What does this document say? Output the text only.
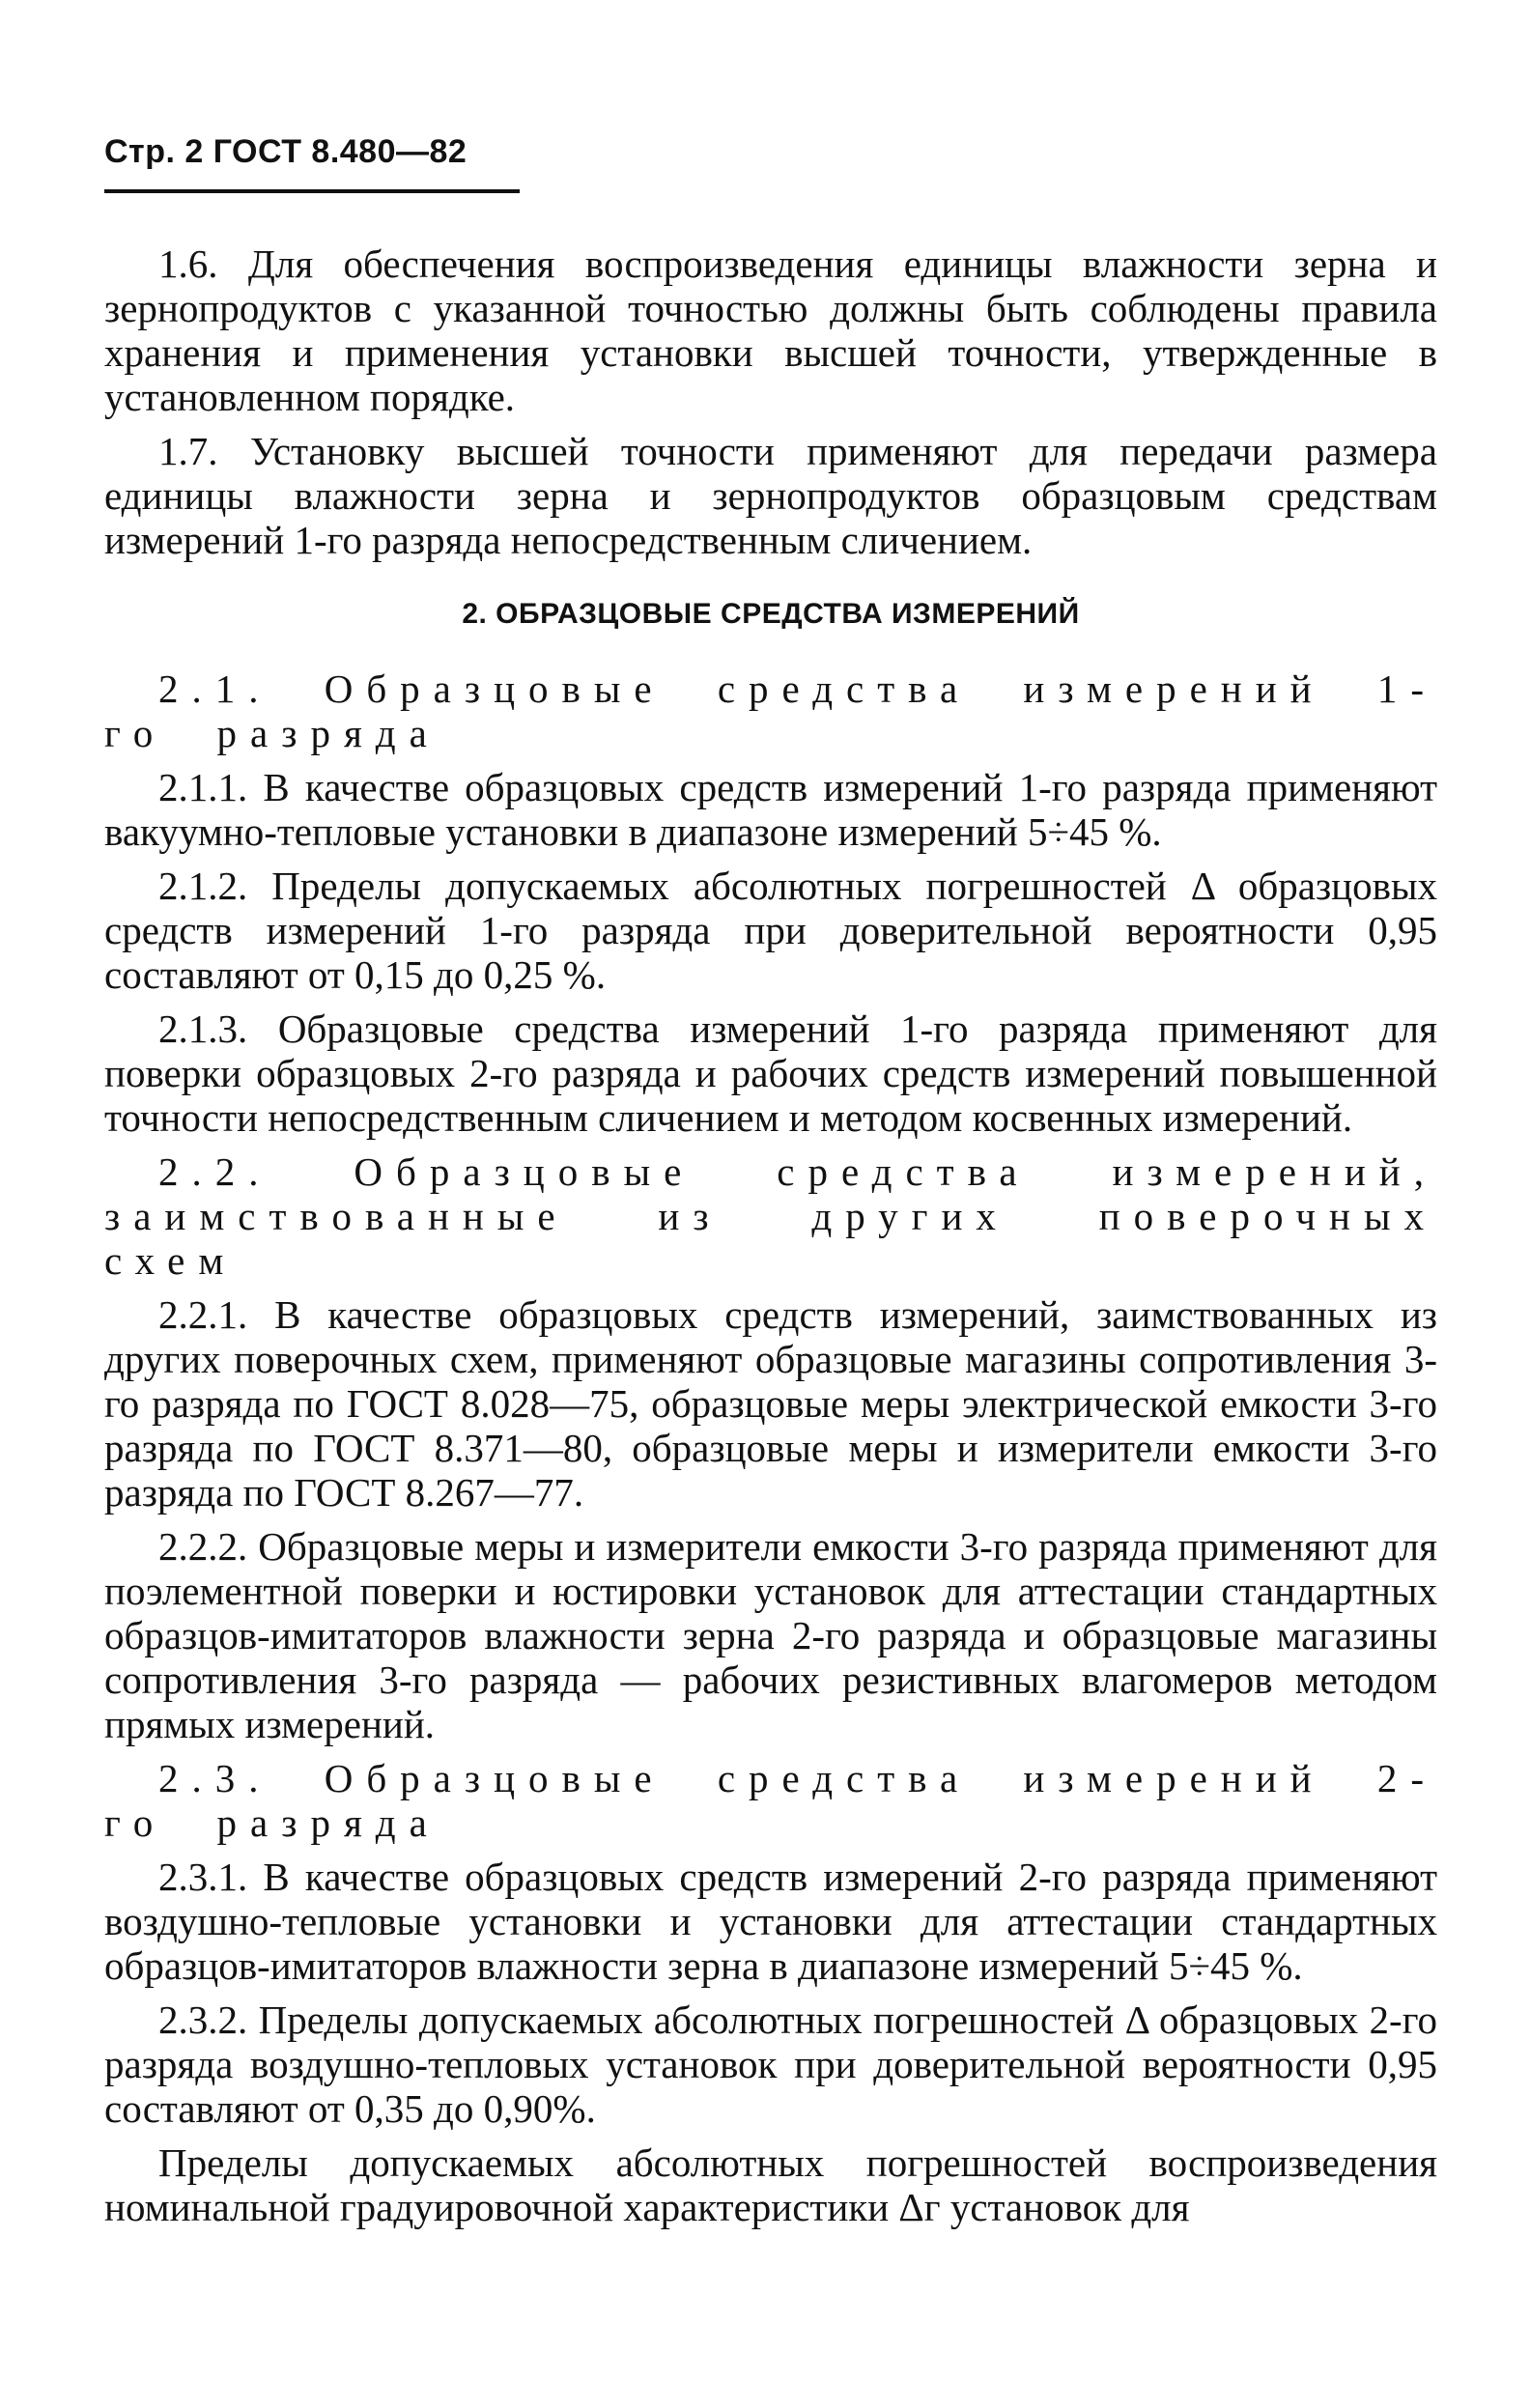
Стр. 2 ГОСТ 8.480—82

1.6. Для обеспечения воспроизведения единицы влажности зерна и зернопродуктов с указанной точностью должны быть соблюдены правила хранения и применения установки высшей точности, утвержденные в установленном порядке.

1.7. Установку высшей точности применяют для передачи размера единицы влажности зерна и зернопродуктов образцовым средствам измерений 1-го разряда непосредственным сличением.

2. ОБРАЗЦОВЫЕ СРЕДСТВА ИЗМЕРЕНИЙ

2.1. Образцовые средства измерений 1-го разряда

2.1.1. В качестве образцовых средств измерений 1-го разряда применяют вакуумно-тепловые установки в диапазоне измерений 5÷45 %.

2.1.2. Пределы допускаемых абсолютных погрешностей Δ образцовых средств измерений 1-го разряда при доверительной вероятности 0,95 составляют от 0,15 до 0,25 %.

2.1.3. Образцовые средства измерений 1-го разряда применяют для поверки образцовых 2-го разряда и рабочих средств измерений повышенной точности непосредственным сличением и методом косвенных измерений.

2.2. Образцовые средства измерений, заимствованные из других поверочных схем

2.2.1. В качестве образцовых средств измерений, заимствованных из других поверочных схем, применяют образцовые магазины сопротивления 3-го разряда по ГОСТ 8.028—75, образцовые меры электрической емкости 3-го разряда по ГОСТ 8.371—80, образцовые меры и измерители емкости 3-го разряда по ГОСТ 8.267—77.

2.2.2. Образцовые меры и измерители емкости 3-го разряда применяют для поэлементной поверки и юстировки установок для аттестации стандартных образцов-имитаторов влажности зерна 2-го разряда и образцовые магазины сопротивления 3-го разряда — рабочих резистивных влагомеров методом прямых измерений.

2.3. Образцовые средства измерений 2-го разряда

2.3.1. В качестве образцовых средств измерений 2-го разряда применяют воздушно-тепловые установки и установки для аттестации стандартных образцов-имитаторов влажности зерна в диапазоне измерений 5÷45 %.

2.3.2. Пределы допускаемых абсолютных погрешностей Δ образцовых 2-го разряда воздушно-тепловых установок при доверительной вероятности 0,95 составляют от 0,35 до 0,90%.

Пределы допускаемых абсолютных погрешностей воспроизведения номинальной градуировочной характеристики Δг установок для
